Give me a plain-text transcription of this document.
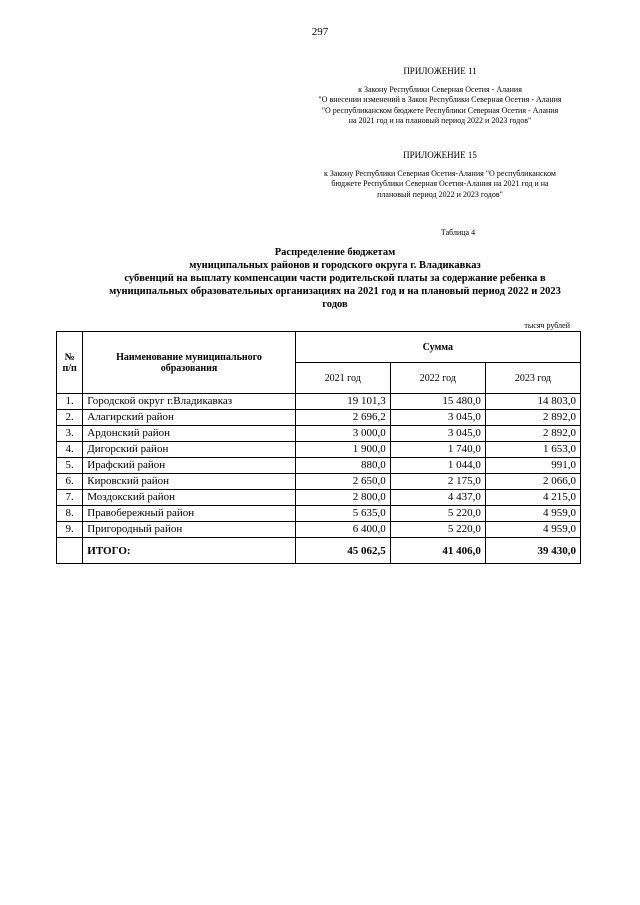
297
ПРИЛОЖЕНИЕ 11
к Закону Республики Северная Осетия - Алания
"О внесении изменений в Закон Республики Северная Осетия - Алания
"О республиканском бюджете Республики Северная Осетия - Алания
на 2021 год и на плановый период 2022 и 2023 годов"
ПРИЛОЖЕНИЕ 15
к Закону Республики Северная Осетия-Алания "О республиканском
бюджете Республики Северная Осетия-Алания на 2021 год и на
плановый период 2022 и 2023 годов"
Таблица 4
Распределение бюджетам
муниципальных районов и городского округа г. Владикавказ
субвенций на выплату компенсации части родительской платы за содержание ребенка в
муниципальных образовательных организациях на 2021 год и на плановый период 2022 и 2023
годов
тысяч рублей
№ п/п	Наименование муниципального образования	Сумма		
		2021 год	2022 год	2023 год
1.	Городской округ г.Владикавказ	19 101,3	15 480,0	14 803,0
2.	Алагирский район	2 696,2	3 045,0	2 892,0
3.	Ардонский район	3 000,0	3 045,0	2 892,0
4.	Дигорский район	1 900,0	1 740,0	1 653,0
5.	Ирафский район	880,0	1 044,0	991,0
6.	Кировский район	2 650,0	2 175,0	2 066,0
7.	Моздокский район	2 800,0	4 437,0	4 215,0
8.	Правобережный район	5 635,0	5 220,0	4 959,0
9.	Пригородный район	6 400,0	5 220,0	4 959,0
	ИТОГО:	45 062,5	41 406,0	39 430,0
